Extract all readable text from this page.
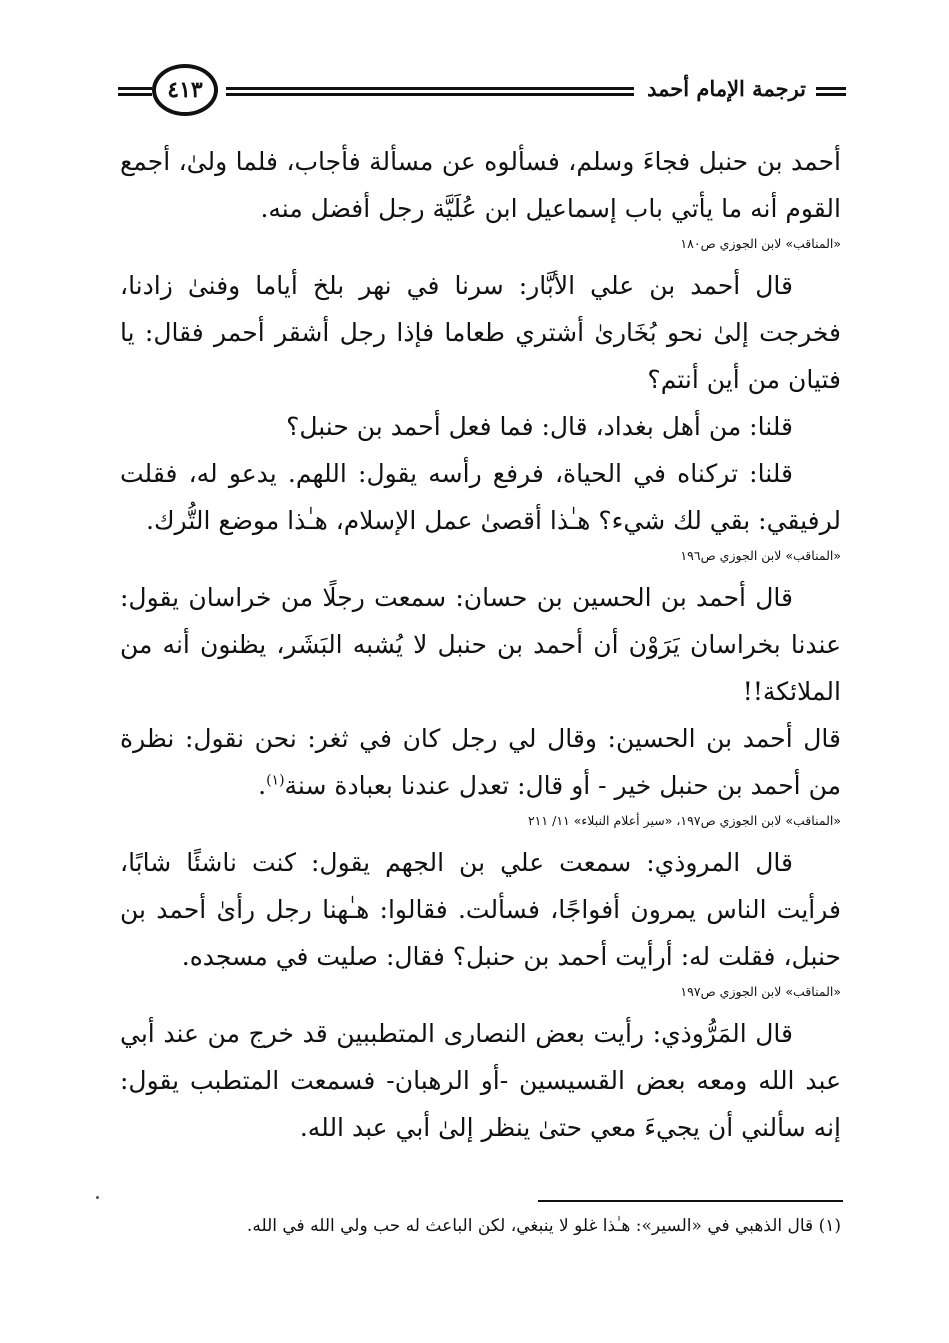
ترجمة الإمام أحمد
٤١٣

أحمد بن حنبل فجاءَ وسلم، فسألوه عن مسألة فأجاب، فلما ولىٰ، أجمع القوم أنه ما يأتي باب إسماعيل ابن عُلَيَّة رجل أفضل منه.

«المناقب» لابن الجوزي ص١٨٠

قال أحمد بن علي الأبَّار: سرنا في نهر بلخ أياما وفنىٰ زادنا، فخرجت إلىٰ نحو بُخَارىٰ أشتري طعاما فإذا رجل أشقر أحمر فقال: يا فتيان من أين أنتم؟

قلنا: من أهل بغداد، قال: فما فعل أحمد بن حنبل؟

قلنا: تركناه في الحياة، فرفع رأسه يقول: اللهم. يدعو له، فقلت لرفيقي: بقي لك شيء؟ هـٰذا أقصىٰ عمل الإسلام، هـٰذا موضع التُّرك.

«المناقب» لابن الجوزي ص١٩٦

قال أحمد بن الحسين بن حسان: سمعت رجلًا من خراسان يقول: عندنا بخراسان يَرَوْن أن أحمد بن حنبل لا يُشبه البَشَر، يظنون أنه من الملائكة!!

قال أحمد بن الحسين: وقال لي رجل كان في ثغر: نحن نقول: نظرة من أحمد بن حنبل خير - أو قال: تعدل عندنا بعبادة سنة$^{(١)}$.

«المناقب» لابن الجوزي ص١٩٧، «سير أعلام النبلاء» ١١/ ٢١١

قال المروذي: سمعت علي بن الجهم يقول: كنت ناشئًا شابًا، فرأيت الناس يمرون أفواجًا، فسألت. فقالوا: هـٰهنا رجل رأىٰ أحمد بن حنبل، فقلت له: أرأيت أحمد بن حنبل؟ فقال: صليت في مسجده.

«المناقب» لابن الجوزي ص١٩٧

قال المَرُّوذي: رأيت بعض النصارى المتطببين قد خرج من عند أبي عبد الله ومعه بعض القسيسين -أو الرهبان- فسمعت المتطبب يقول: إنه سألني أن يجيءَ معي حتىٰ ينظر إلىٰ أبي عبد الله.

(١) قال الذهبي في «السير»: هـٰذا غلو لا ينبغي، لكن الباعث له حب ولي الله في الله.
